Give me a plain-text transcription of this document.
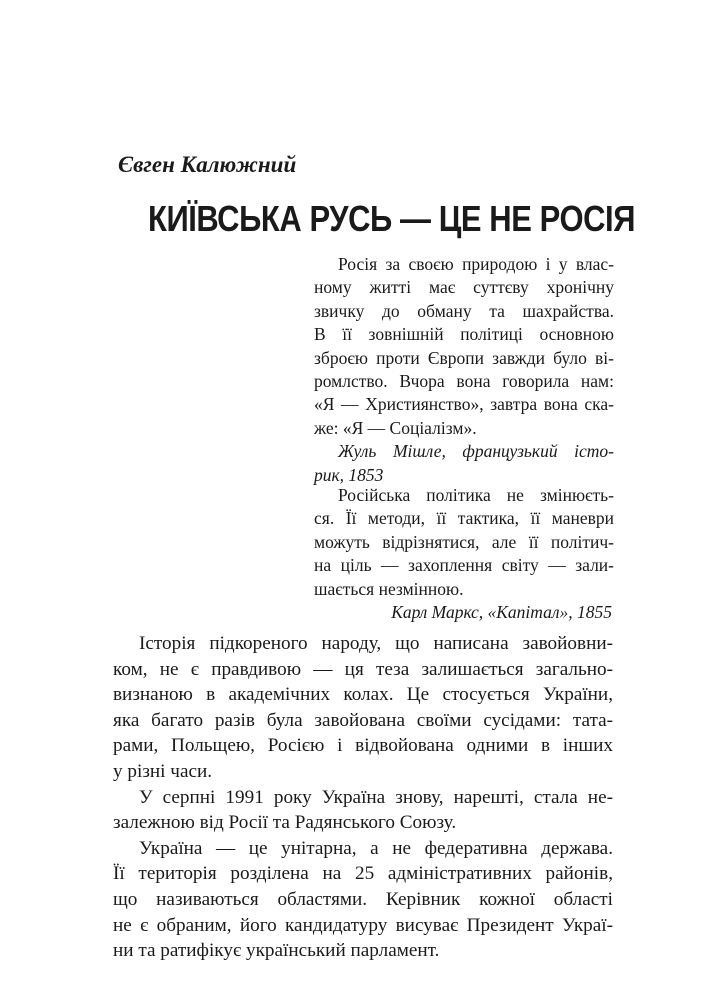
Євген Калюжний
КИЇВСЬКА РУСЬ — ЦЕ НЕ РОСІЯ
Росія за своєю природою і у влас-
ному житті має суттєву хронічну
звичку до обману та шахрайства.
В її зовнішній політиці основною
зброєю проти Європи завжди було ві-
ромлство. Вчора вона говорила нам:
«Я — Християнство», завтра вона ска-
же: «Я — Соціалізм».
Жуль Мішле, французький істо-
рик, 1853
Російська політика не змінюєть-
ся. Її методи, її тактика, її маневри
можуть відрізнятися, але її політич-
на ціль — захоплення світу — зали-
шається незмінною.
Карл Маркс, «Капітал», 1855
Історія підкореного народу, що написана завойовни-
ком, не є правдивою — ця теза залишається загально-
визнаною в академічних колах. Це стосується України,
яка багато разів була завойована своїми сусідами: тата-
рами, Польщею, Росією і відвойована одними в інших
у різні часи.
У серпні 1991 року Україна знову, нарешті, стала не-
залежною від Росії та Радянського Союзу.
Україна — це унітарна, а не федеративна держава.
Її територія розділена на 25 адміністративних районів,
що називаються областями. Керівник кожної області
не є обраним, його кандидатуру висуває Президент Украї-
ни та ратифікує український парламент.
